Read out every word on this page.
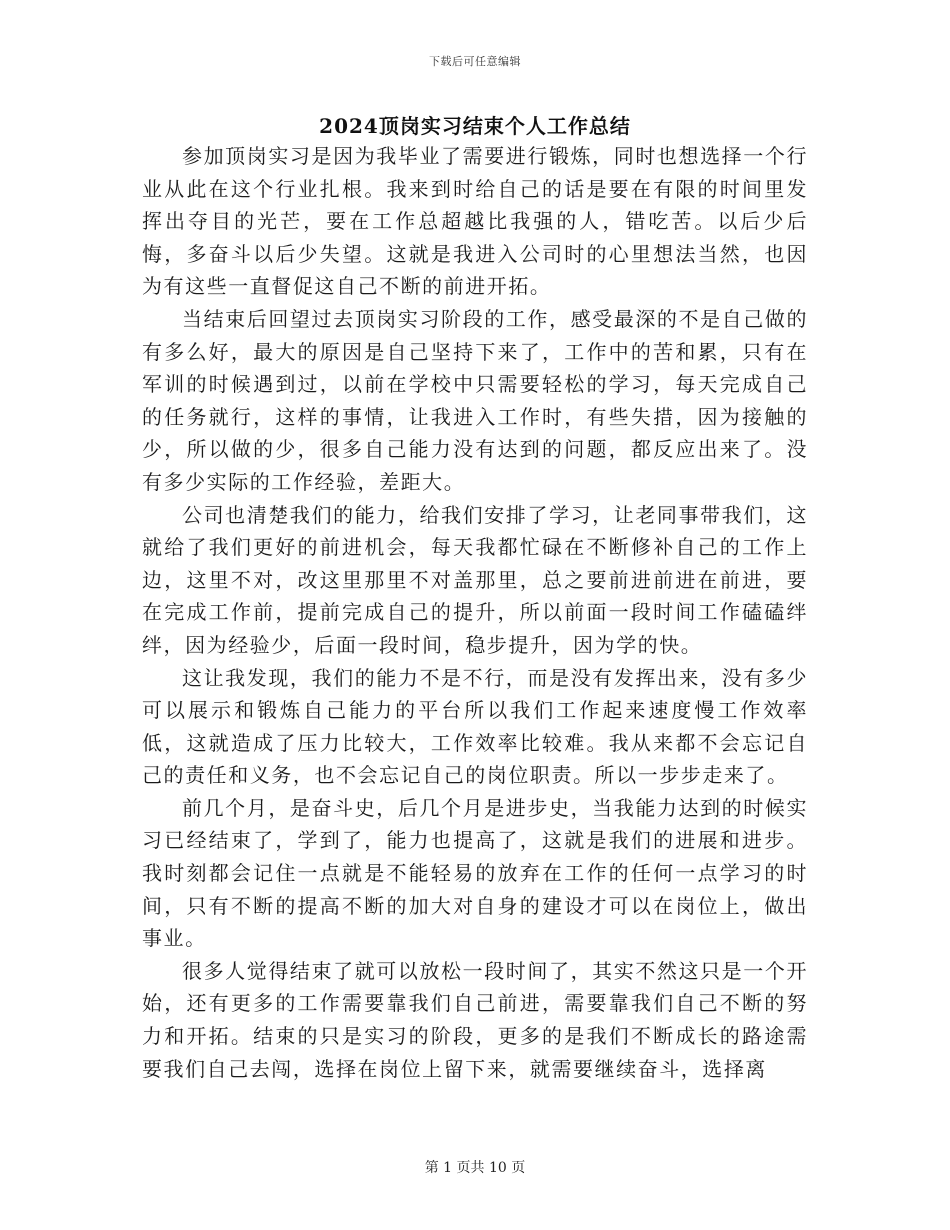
下载后可任意编辑
2024顶岗实习结束个人工作总结

参加顶岗实习是因为我毕业了需要进行锻炼，同时也想选择一个行业从此在这个行业扎根。我来到时给自己的话是要在有限的时间里发挥出夺目的光芒，要在工作总超越比我强的人，错吃苦。以后少后悔，多奋斗以后少失望。这就是我进入公司时的心里想法当然，也因为有这些一直督促这自己不断的前进开拓。

当结束后回望过去顶岗实习阶段的工作，感受最深的不是自己做的有多么好，最大的原因是自己坚持下来了，工作中的苦和累，只有在军训的时候遇到过，以前在学校中只需要轻松的学习，每天完成自己的任务就行，这样的事情，让我进入工作时，有些失措，因为接触的少，所以做的少，很多自己能力没有达到的问题，都反应出来了。没有多少实际的工作经验，差距大。

公司也清楚我们的能力，给我们安排了学习，让老同事带我们，这就给了我们更好的前进机会，每天我都忙碌在不断修补自己的工作上边，这里不对，改这里那里不对盖那里，总之要前进前进在前进，要在完成工作前，提前完成自己的提升，所以前面一段时间工作磕磕绊绊，因为经验少，后面一段时间，稳步提升，因为学的快。

这让我发现，我们的能力不是不行，而是没有发挥出来，没有多少可以展示和锻炼自己能力的平台所以我们工作起来速度慢工作效率低，这就造成了压力比较大，工作效率比较难。我从来都不会忘记自己的责任和义务，也不会忘记自己的岗位职责。所以一步步走来了。

前几个月，是奋斗史，后几个月是进步史，当我能力达到的时候实习已经结束了，学到了，能力也提高了，这就是我们的进展和进步。我时刻都会记住一点就是不能轻易的放弃在工作的任何一点学习的时间，只有不断的提高不断的加大对自身的建设才可以在岗位上，做出事业。

很多人觉得结束了就可以放松一段时间了，其实不然这只是一个开始，还有更多的工作需要靠我们自己前进，需要靠我们自己不断的努力和开拓。结束的只是实习的阶段，更多的是我们不断成长的路途需要我们自己去闯，选择在岗位上留下来，就需要继续奋斗，选择离

第 1 页共 10 页
